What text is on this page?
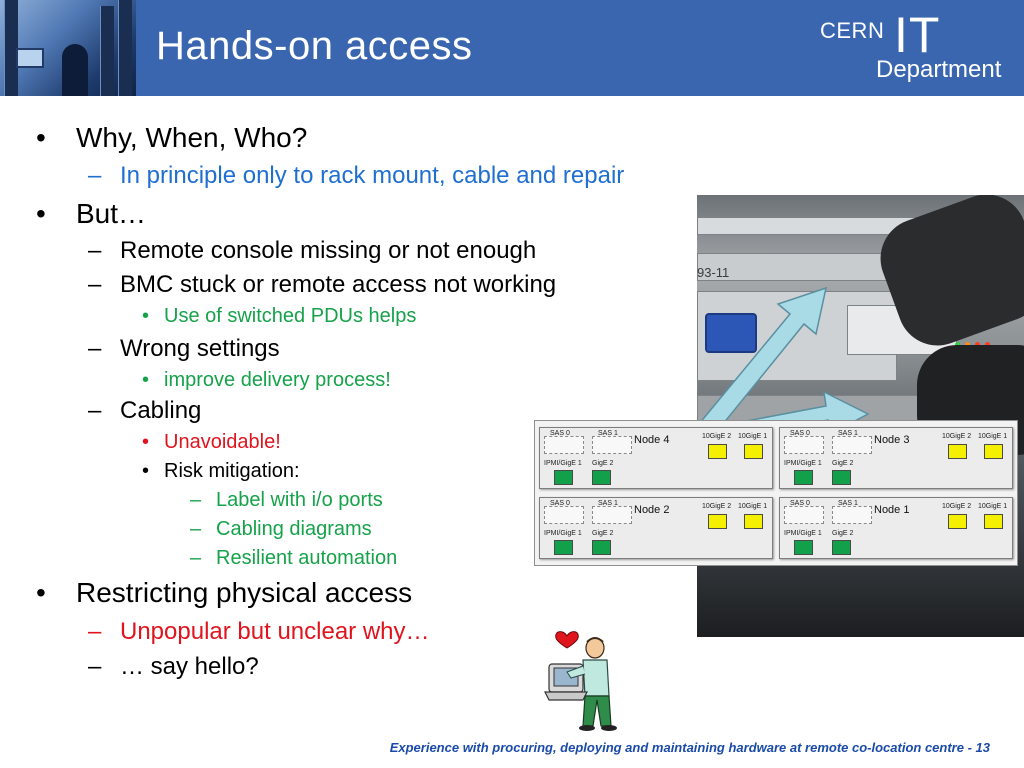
Hands-on access	CERN IT
Department
93-11
SAS 0	SAS 1
Node 4	10GigE 2 10GigE 1
IPMI/GigE 1 GigE 2
SAS 0	SAS 1
Node 3	10GigE 2 10GigE 1
IPMI/GigE 1 GigE 2
SAS 0	SAS 1
Node 2	10GigE 2 10GigE 1
IPMI/GigE 1 GigE 2
SAS 0	SAS 1
Node 1	10GigE 2 10GigE 1
IPMI/GigE 1 GigE 2
• Why, When, Who?
– In principle only to rack mount, cable and repair
• But…
– Remote console missing or not enough
– BMC stuck or remote access not working
• Use of switched PDUs helps
– Wrong settings
• improve delivery process!
– Cabling
• Unavoidable!
• Risk mitigation:
– Label with i/o ports
– Cabling diagrams
– Resilient automation
• Restricting physical access
– Unpopular but unclear why…
– … say hello?
Experience with procuring, deploying and maintaining hardware at remote co-location centre - 13
